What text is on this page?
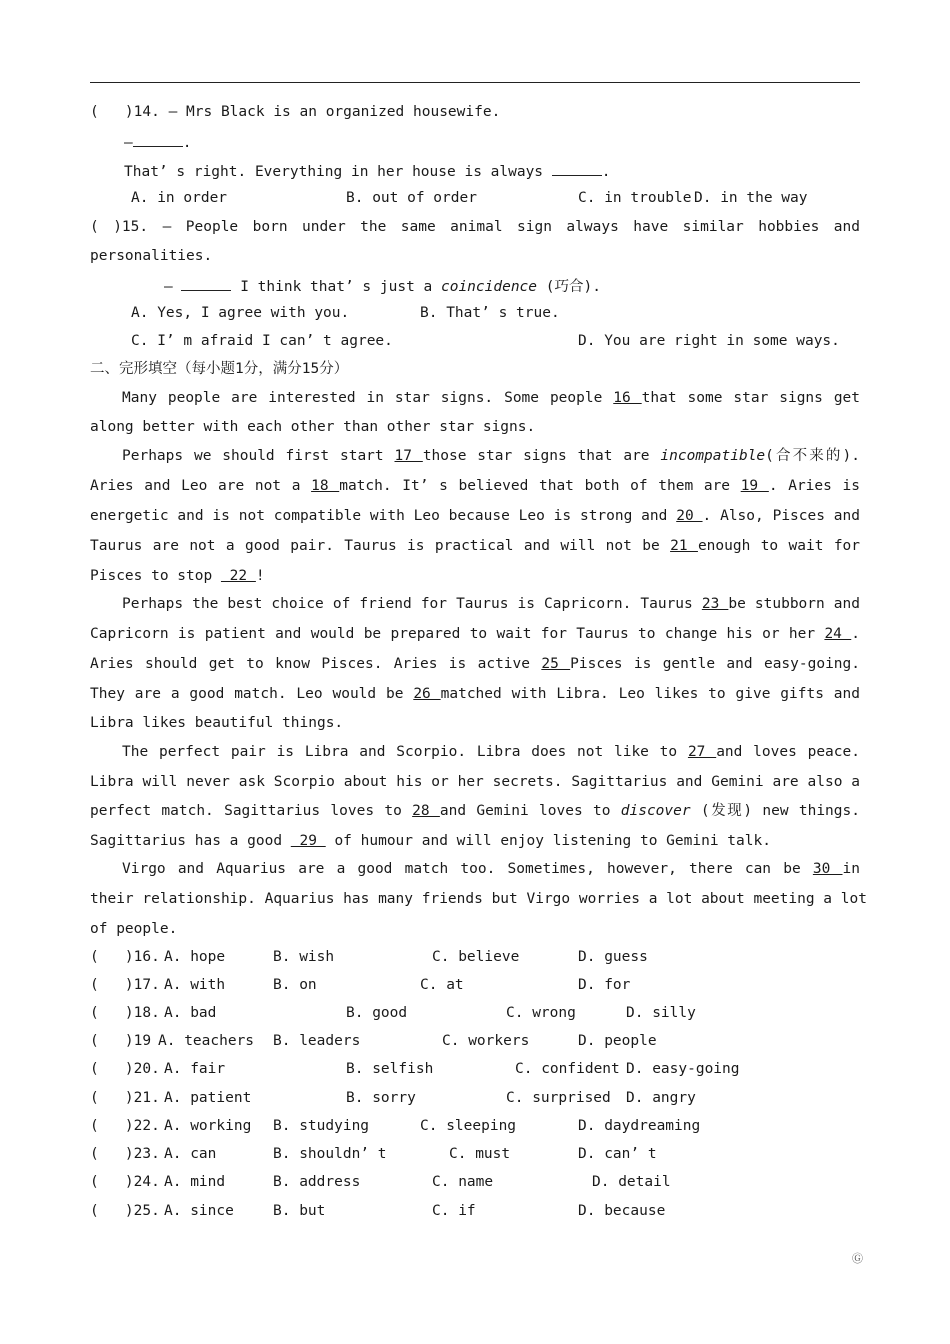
(   )14. — Mrs Black is an organized housewife.
—	.
That’ s right. Everything in her house is always	.
A. in order	B. out of order	C. in trouble D. in the way
( )15. — People born under the same animal sign always have similar hobbies and
personalities.
—	I think that’ s just a coincidence (巧合).
A. Yes, I agree with you.	B. That’ s true.
C. I’ m afraid I can’ t agree.	D. You are right in some ways.
二、完形填空（每小题1分，满分15分）
Many people are interested in star signs. Some people 16 that some star signs get
along better with each other than other star signs.
Perhaps we should first start 17 those star signs that are incompatible(合不来的).
Aries and Leo are not a 18 match. It’ s believed that both of them are 19 . Aries is
energetic and is not compatible with Leo because Leo is strong and 20 . Also, Pisces and
Taurus are not a good pair. Taurus is practical and will not be 21 enough to wait for
Pisces to stop  22 !
Perhaps the best choice of friend for Taurus is Capricorn. Taurus 23 be stubborn and
Capricorn is patient and would be prepared to wait for Taurus to change his or her 24 .
Aries should get to know Pisces. Aries is active 25 Pisces is gentle and easy-going.
They are a good match. Leo would be 26 matched with Libra. Leo likes to give gifts and
Libra likes beautiful things.
The perfect pair is Libra and Scorpio. Libra does not like to 27 and loves peace.
Libra will never ask Scorpio about his or her secrets. Sagittarius and Gemini are also a
perfect match. Sagittarius loves to 28 and Gemini loves to discover (发现) new things.
Sagittarius has a good  29  of humour and will enjoy listening to Gemini talk.
Virgo and Aquarius are a good match too. Sometimes, however, there can be 30 in
their relationship. Aquarius has many friends but Virgo worries a lot about meeting a lot
of people.
(   )16. A. hope	B. wish	C. believe	D. guess
(   )17. A. with	B. on	C. at	D. for
(   )18. A. bad	B. good	C. wrong	D. silly
(   )19 A. teachers B. leaders	C. workers	D. people
(   )20. A. fair	B. selfish	C. confident D. easy-going
(   )21. A. patient	B. sorry	C. surprised D. angry
(   )22. A. working B. studying	C. sleeping	D. daydreaming
(   )23. A. can	B. shouldn’ t	C. must	D. can’ t
(   )24. A. mind	B. address	C. name	D. detail
(   )25. A. since	B. but	C. if	D. because
Ⓖ
